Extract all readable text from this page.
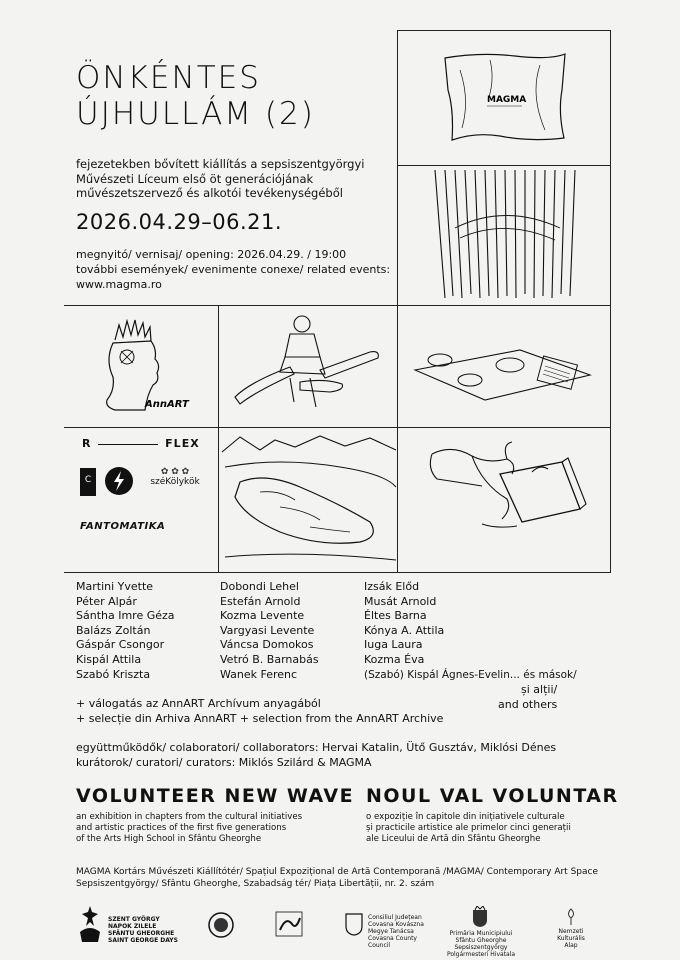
ÖNKÉNTES
ÚJHULLÁM (2)
fejezetekben bővített kiállítás a sepsiszentgyörgyi
Művészeti Líceum első öt generációjának
művészetszervező és alkotói tevékenységéből
2026.04.29–06.21.
megnyitó/ vernisaj/ opening: 2026.04.29. / 19:00
további események/ evenimente conexe/ related events:
www.magma.ro
MAGMA
AnnART
R	FLEX
C
✿ ✿ ✿
széKölykök
FANTOMATIKA
Martini Yvette
Péter Alpár
Sántha Imre Géza
Balázs Zoltán
Gáspár Csongor
Kispál Attila
Szabó Kriszta
Dobondi Lehel
Estefán Arnold
Kozma Levente
Vargyasi Levente
Váncsa Domokos
Vetró B. Barnabás
Wanek Ferenc
Izsák Előd
Musát Arnold
Éltes Barna
Kónya A. Attila
Iuga Laura
Kozma Éva
(Szabó) Kispál Ágnes-Evelin... és mások/
și alții/
and others
+ válogatás az AnnART Archívum anyagából
+ selecție din Arhiva AnnART + selection from the AnnART Archive
együttműködők/ colaboratori/ collaborators: Hervai Katalin, Ütő Gusztáv, Miklósi Dénes
kurátorok/ curatori/ curators: Miklós Szilárd & MAGMA
VOLUNTEER NEW WAVE
an exhibition in chapters from the cultural initiatives
and artistic practices of the first five generations
of the Arts High School in Sfântu Gheorghe
NOUL VAL VOLUNTAR
o expoziție în capitole din inițiativele culturale
și practicile artistice ale primelor cinci generații
ale Liceului de Artă din Sfântu Gheorghe
MAGMA Kortárs Művészeti Kiállítótér/ Spațiul Expozițional de Artă Contemporană /MAGMA/ Contemporary Art Space
Sepsiszentgyörgy/ Sfântu Gheorghe, Szabadság tér/ Piața Libertății, nr. 2. szám
SZENT GYÖRGY NAPOK ZILELE SFÂNTU GHEORGHE SAINT GEORGE DAYS
Consiliul Județean Covasna Kovászna Megye Tanácsa Covasna County Council
Primăria Municipiului Sfântu Gheorghe Sepsiszentgyörgy Polgármesteri Hivatala
Nemzeti Kulturális Alap
